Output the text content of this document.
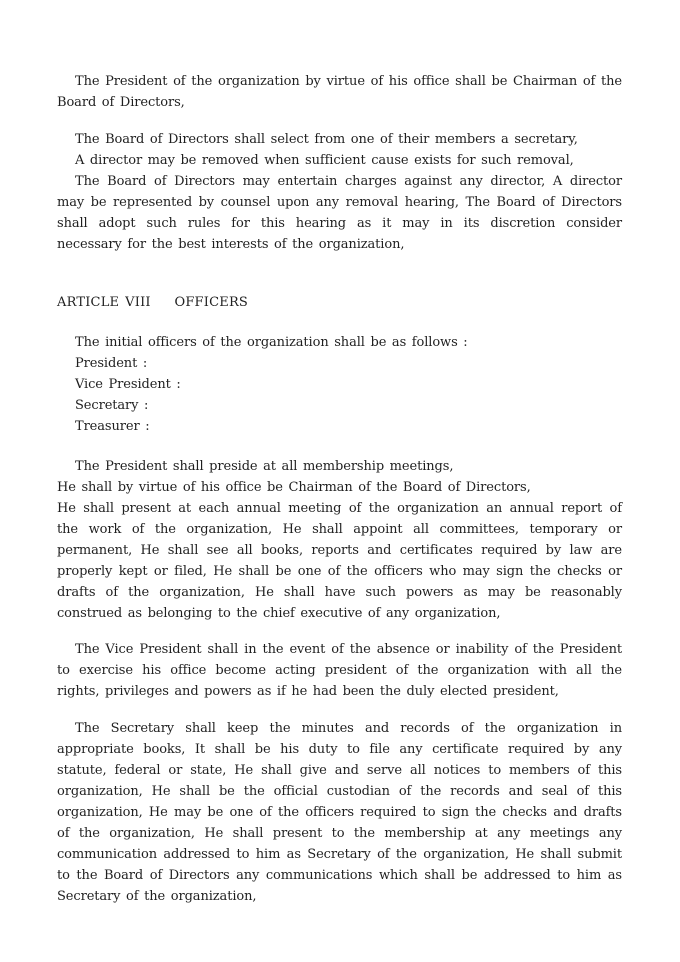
The President of the organization by virtue of his office shall be Chairman of the Board of Directors,

The Board of Directors shall select from one of their members a secretary,

A director may be removed when sufficient cause exists for such removal,

The Board of Directors may entertain charges against any director, A director may be represented by counsel upon any removal hearing, The Board of Directors shall adopt such rules for this hearing as it may in its discretion consider necessary for the best interests of the organization,

ARTICLE VIII    OFFICERS

The initial officers of the organization shall be as follows :

President :

Vice President :

Secretary :

Treasurer :

The President shall preside at all membership meetings,

He shall by virtue of his office be Chairman of the Board of Directors,

He shall present at each annual meeting of the organization an annual report of the work of the organization, He shall appoint all committees, temporary or permanent, He shall see all books, reports and certificates required by law are properly kept or filed, He shall be one of the officers who may sign the checks or drafts of the organization, He shall have such powers as may be reasonably construed as belonging to the chief executive of any organization,

The Vice President shall in the event of the absence or inability of the President to exercise his office become acting president of the organization with all the rights, privileges and powers as if he had been the duly elected president,

The Secretary shall keep the minutes and records of the organization in appropriate books, It shall be his duty to file any certificate required by any statute, federal or state, He shall give and serve all notices to members of this organization, He shall be the official custodian of the records and seal of this organization, He may be one of the officers required to sign the checks and drafts of the organization, He shall present to the membership at any meetings any communication addressed to him as Secretary of the organization, He shall submit to the Board of Directors any communications which shall be addressed to him as Secretary of the organization,
